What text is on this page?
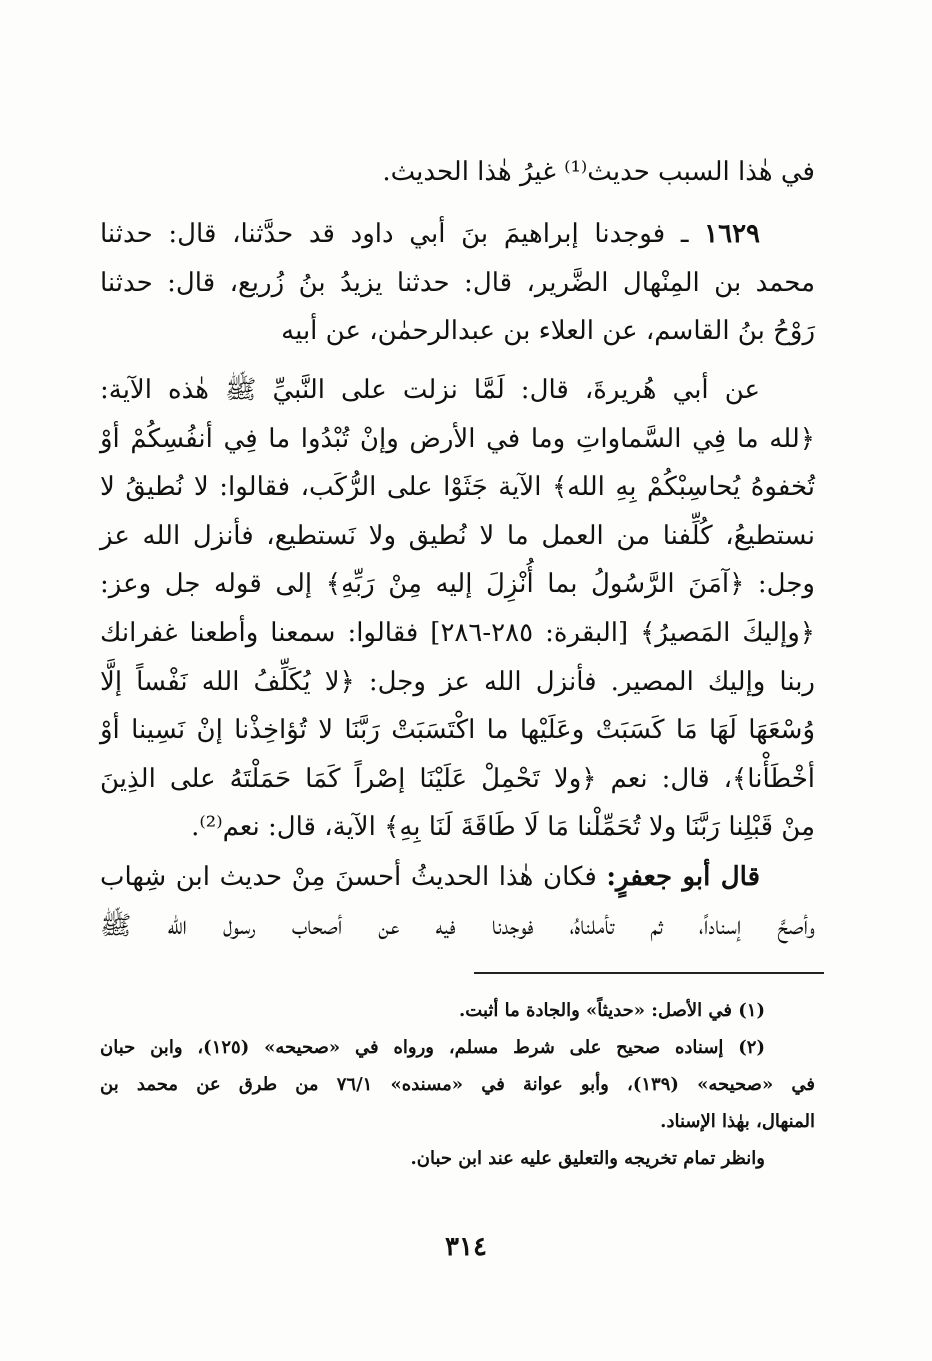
في هٰذا السبب حديث⁽¹⁾ غيرُ هٰذا الحديث.
١٦٢٩ ـ فوجدنا إبراهيمَ بنَ أبي داود قد حدَّثنا، قال: حدثنا
محمد بن المِنْهال الضَّرير، قال: حدثنا يزيدُ بنُ زُريع، قال: حدثنا
رَوْحُ بنُ القاسم، عن العلاء بن عبدالرحمٰن، عن أبيه
عن أبي هُريرةَ، قال: لَمَّا نزلت على النَّبيِّ ﷺ هٰذه الآية:
﴿لله ما فِي السَّماواتِ وما في الأرض وإنْ تُبْدُوا ما فِي أنفُسِكُمْ أوْ
تُخفوهُ يُحاسِبْكُمْ بِهِ الله﴾ الآية جَثَوْا على الرُّكَب، فقالوا: لا نُطيقُ لا
نستطيعُ، كُلِّفنا من العمل ما لا نُطيق ولا نَستطيع، فأنزل الله عز
وجل: ﴿آمَنَ الرَّسُولُ بما أُنْزِلَ إليه مِنْ رَبِّهِ﴾ إلى قوله جل وعز:
﴿وإليكَ المَصيرُ﴾ [البقرة: ٢٨٥-٢٨٦] فقالوا: سمعنا وأطعنا غفرانك
ربنا وإليك المصير. فأنزل الله عز وجل: ﴿لا يُكَلِّفُ الله نَفْساً إلَّا
وُسْعَهَا لَهَا مَا كَسَبَتْ وعَلَيْها ما اكْتَسَبَتْ رَبَّنَا لا تُؤاخِذْنا إنْ نَسِينا أوْ
أخْطَأْنا﴾، قال: نعم ﴿ولا تَحْمِلْ عَلَيْنَا إصْراً كَمَا حَمَلْتَهُ على الذِينَ
مِنْ قَبْلِنا رَبَّنَا ولا تُحَمِّلْنا مَا لَا طَاقَةَ لَنَا بِهِ﴾ الآية، قال: نعم⁽²⁾.
قال أبو جعفرٍ: فكان هٰذا الحديثُ أحسنَ مِنْ حديث ابن شِهاب
وأصحَّ إسناداً، ثم تأملناهُ، فوجدنا فيه عن أصحاب رسول الله ﷺ
(١) في الأصل: «حديثاً» والجادة ما أثبت.
(٢) إسناده صحيح على شرط مسلم، ورواه في «صحيحه» (١٢٥)، وابن حبان
في «صحيحه» (١٣٩)، وأبو عوانة في «مسنده» ٧٦/١ من طرق عن محمد بن
المنهال، بهٰذا الإسناد.
وانظر تمام تخريجه والتعليق عليه عند ابن حبان.
٣١٤
